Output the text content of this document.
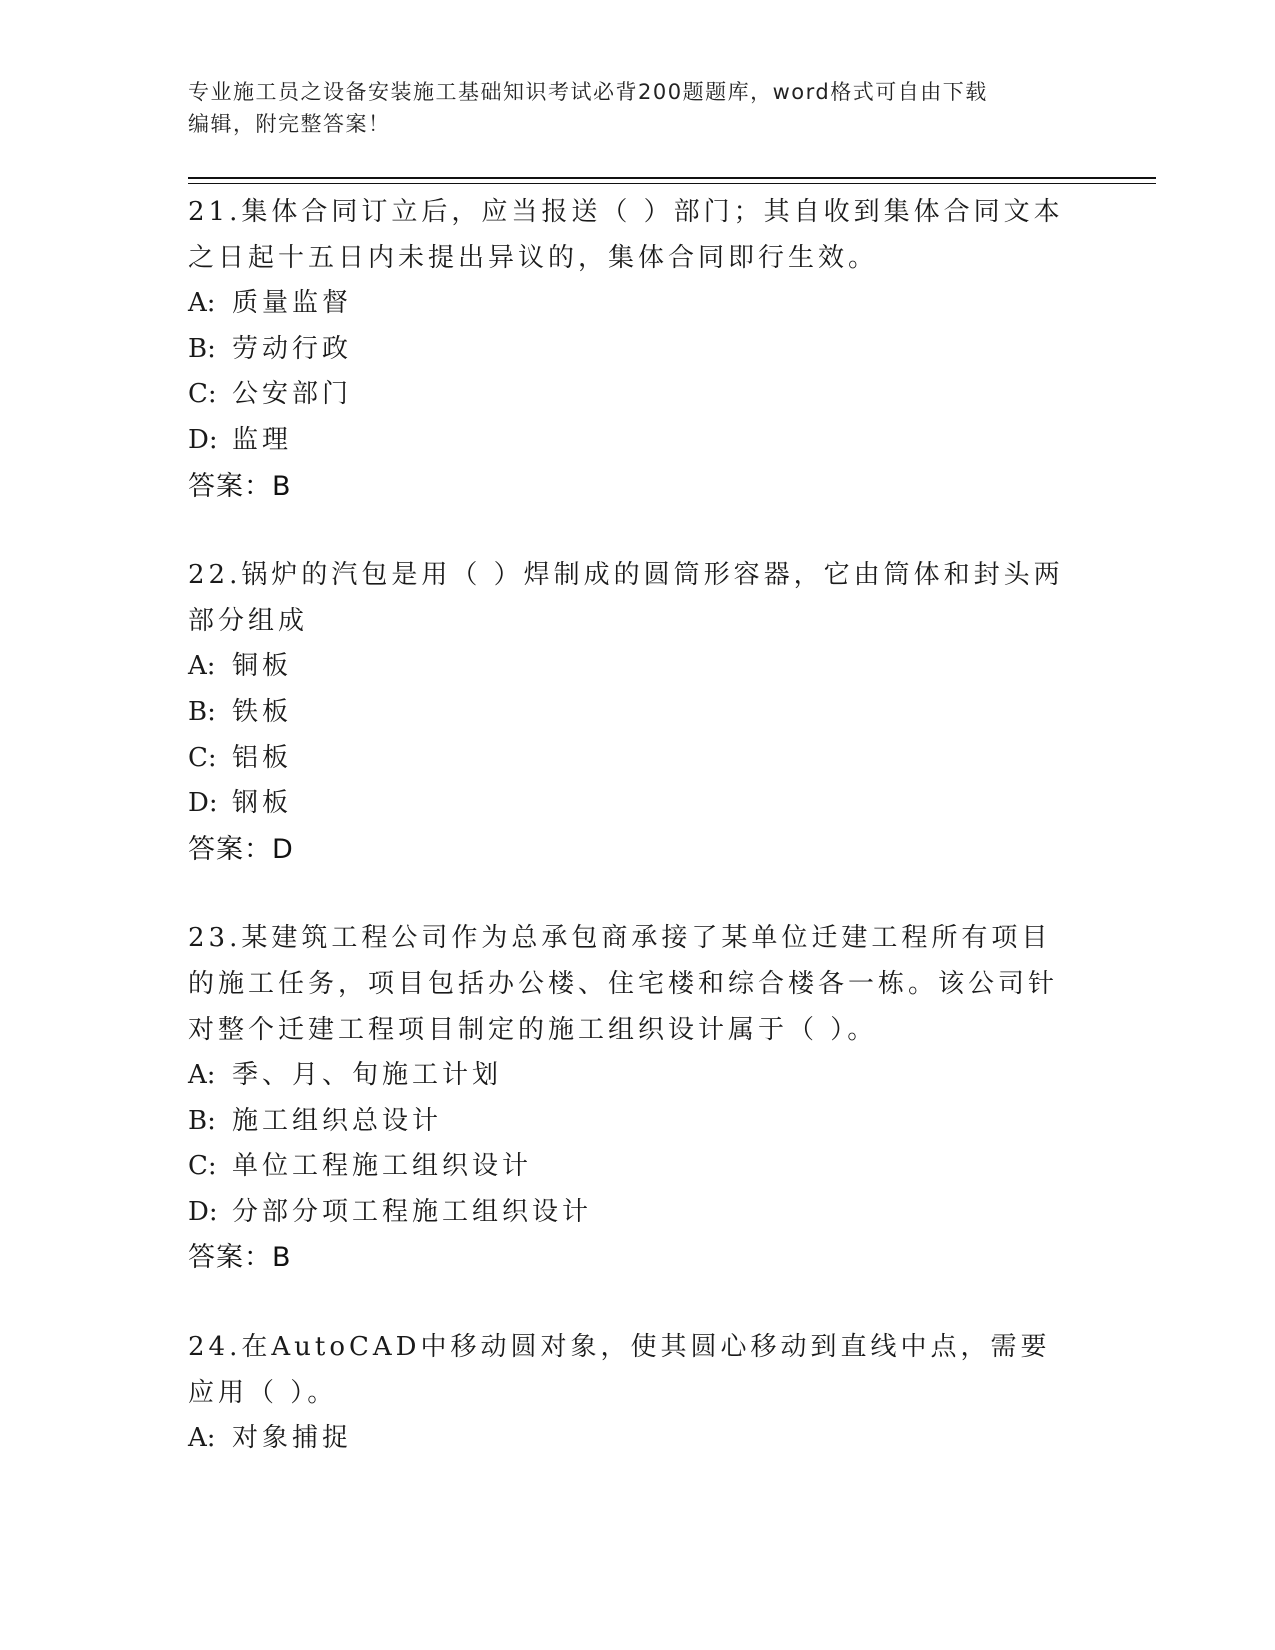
专业施工员之设备安装施工基础知识考试必背200题题库，word格式可自由下载
编辑，附完整答案！

21.集体合同订立后，应当报送（ ）部门；其自收到集体合同文本之日起十五日内未提出异议的，集体合同即行生效。

A: 质量监督

B: 劳动行政

C: 公安部门

D: 监理

答案：B

22.锅炉的汽包是用（ ）焊制成的圆筒形容器，它由筒体和封头两部分组成

A: 铜板

B: 铁板

C: 铝板

D: 钢板

答案：D

23.某建筑工程公司作为总承包商承接了某单位迁建工程所有项目的施工任务，项目包括办公楼、住宅楼和综合楼各一栋。该公司针对整个迁建工程项目制定的施工组织设计属于（ ）。

A: 季、月、旬施工计划

B: 施工组织总设计

C: 单位工程施工组织设计

D: 分部分项工程施工组织设计

答案：B

24.在AutoCAD中移动圆对象，使其圆心移动到直线中点，需要应用（ ）。

A: 对象捕捉
